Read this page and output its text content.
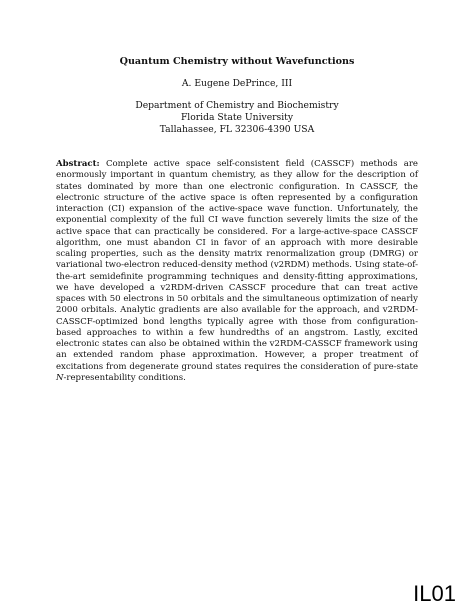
Quantum Chemistry without Wavefunctions
A. Eugene DePrince, III
Department of Chemistry and Biochemistry
Florida State University
Tallahassee, FL 32306-4390 USA
Abstract: Complete active space self-consistent field (CASSCF) methods are enormously important in quantum chemistry, as they allow for the description of states dominated by more than one electronic configuration. In CASSCF, the electronic structure of the active space is often represented by a configuration interaction (CI) expansion of the active-space wave function. Unfortunately, the exponential complexity of the full CI wave function severely limits the size of the active space that can practically be considered. For a large-active-space CASSCF algorithm, one must abandon CI in favor of an approach with more desirable scaling properties, such as the density matrix renormalization group (DMRG) or variational two-electron reduced-density method (v2RDM) methods. Using state-of-the-art semidefinite programming techniques and density-fitting approximations, we have developed a v2RDM-driven CASSCF procedure that can treat active spaces with 50 electrons in 50 orbitals and the simultaneous optimization of nearly 2000 orbitals. Analytic gradients are also available for the approach, and v2RDM-CASSCF-optimized bond lengths typically agree with those from configuration-based approaches to within a few hundredths of an angstrom. Lastly, excited electronic states can also be obtained within the v2RDM-CASSCF framework using an extended random phase approximation. However, a proper treatment of excitations from degenerate ground states requires the consideration of pure-state N-representability conditions.
IL01
